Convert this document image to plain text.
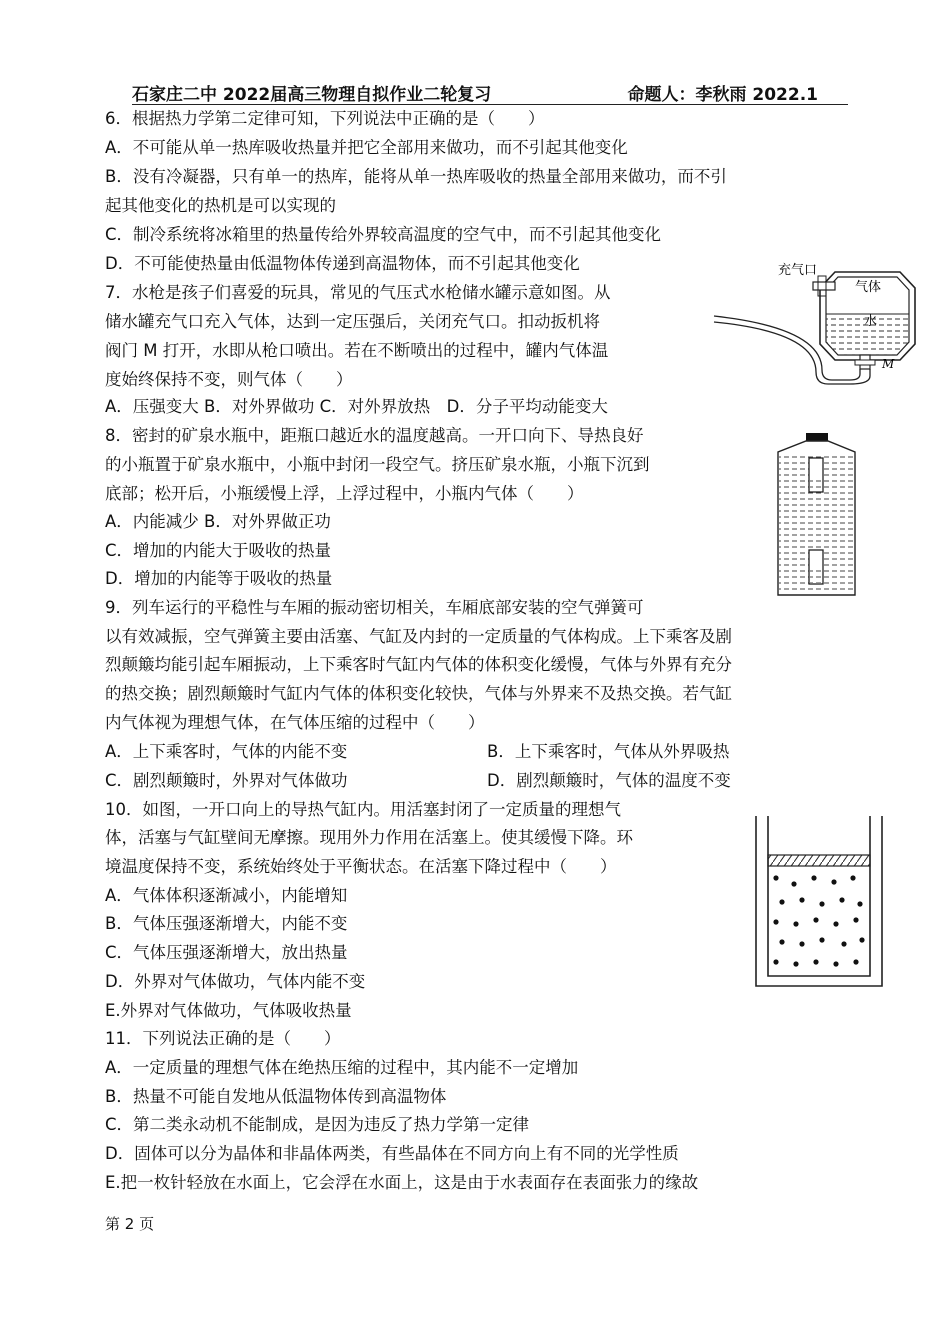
石家庄二中 2022届高三物理自拟作业二轮复习	命题人：李秋雨 2022.1
6．根据热力学第二定律可知，下列说法中正确的是（　　）
A．不可能从单一热库吸收热量并把它全部用来做功，而不引起其他变化
B．没有冷凝器，只有单一的热库，能将从单一热库吸收的热量全部用来做功，而不引
起其他变化的热机是可以实现的
C．制冷系统将冰箱里的热量传给外界较高温度的空气中，而不引起其他变化
D．不可能使热量由低温物体传递到高温物体，而不引起其他变化
7．水枪是孩子们喜爱的玩具，常见的气压式水枪储水罐示意如图。从
储水罐充气口充入气体，达到一定压强后，关闭充气口。扣动扳机将
阀门 M 打开，水即从枪口喷出。若在不断喷出的过程中，罐内气体温
度始终保持不变，则气体（　　）
A．压强变大 B．对外界做功 C．对外界放热　D．分子平均动能变大
充气口
气体
水
M
8．密封的矿泉水瓶中，距瓶口越近水的温度越高。一开口向下、导热良好
的小瓶置于矿泉水瓶中，小瓶中封闭一段空气。挤压矿泉水瓶，小瓶下沉到
底部；松开后，小瓶缓慢上浮，上浮过程中，小瓶内气体（　　）
A．内能减少 B．对外界做正功
C．增加的内能大于吸收的热量
D．增加的内能等于吸收的热量
9．列车运行的平稳性与车厢的振动密切相关，车厢底部安装的空气弹簧可
以有效减振，空气弹簧主要由活塞、气缸及内封的一定质量的气体构成。上下乘客及剧
烈颠簸均能引起车厢振动，上下乘客时气缸内气体的体积变化缓慢，气体与外界有充分
的热交换；剧烈颠簸时气缸内气体的体积变化较快，气体与外界来不及热交换。若气缸
内气体视为理想气体，在气体压缩的过程中（　　）
A．上下乘客时，气体的内能不变	B．上下乘客时，气体从外界吸热
C．剧烈颠簸时，外界对气体做功	D．剧烈颠簸时，气体的温度不变
10．如图，一开口向上的导热气缸内。用活塞封闭了一定质量的理想气
体，活塞与气缸壁间无摩擦。现用外力作用在活塞上。使其缓慢下降。环
境温度保持不变，系统始终处于平衡状态。在活塞下降过程中（　　）
A．气体体积逐渐减小，内能增知
B．气体压强逐渐增大，内能不变
C．气体压强逐渐增大，放出热量
D．外界对气体做功，气体内能不变
E.外界对气体做功，气体吸收热量
11．下列说法正确的是（　　）
A．一定质量的理想气体在绝热压缩的过程中，其内能不一定增加
B．热量不可能自发地从低温物体传到高温物体
C．第二类永动机不能制成，是因为违反了热力学第一定律
D．固体可以分为晶体和非晶体两类，有些晶体在不同方向上有不同的光学性质
E.把一枚针轻放在水面上，它会浮在水面上，这是由于水表面存在表面张力的缘故
第 2 页
